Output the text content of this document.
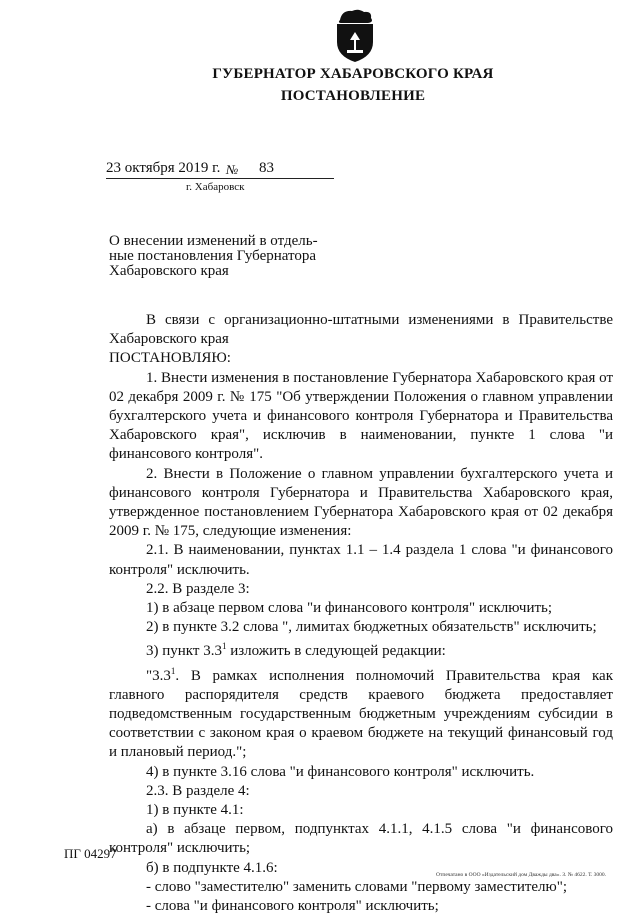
ГУБЕРНАТОР ХАБАРОВСКОГО КРАЯ
ПОСТАНОВЛЕНИЕ
23 октября 2019 г. № 83
г. Хабаровск
О внесении изменений в отдель-
ные постановления Губернатора
Хабаровского края

В связи с организационно-штатными изменениями в Правительстве

Хабаровского края

ПОСТАНОВЛЯЮ:

1. Внести изменения в постановление Губернатора Хабаровского края от 02 декабря 2009 г. № 175 "Об утверждении Положения о главном управлении бухгалтерского учета и финансового контроля Губернатора и Правительства Хабаровского края", исключив в наименовании, пункте 1 слова "и финансового контроля".

2. Внести в Положение о главном управлении бухгалтерского учета и финансового контроля Губернатора и Правительства Хабаровского края, утвержденное постановлением Губернатора Хабаровского края от 02 декабря 2009 г. № 175, следующие изменения:

2.1. В наименовании, пунктах 1.1 – 1.4 раздела 1 слова "и финансового контроля" исключить.

2.2. В разделе 3:

1) в абзаце первом слова "и финансового контроля" исключить;

2) в пункте 3.2 слова ", лимитах бюджетных обязательств" исключить;

3) пункт $3.3^1$ изложить в следующей редакции:

"$3.3^1$. В рамках исполнения полномочий Правительства края как главного распорядителя средств краевого бюджета предоставляет подведомственным государственным бюджетным учреждениям субсидии в соответствии с законом края о краевом бюджете на текущий финансовый год и плановый период.";

4) в пункте 3.16 слова "и финансового контроля" исключить.

2.3. В разделе 4:

1) в пункте 4.1:

а) в абзаце первом, подпунктах 4.1.1, 4.1.5 слова "и финансового контроля" исключить;

б) в подпункте 4.1.6:

- слово "заместителю" заменить словами "первому заместителю";

- слова "и финансового контроля" исключить;

ПГ 04297
Отпечатано в ООО «Издательский дом Дважды два». З. № 4622. Т. 3000.
